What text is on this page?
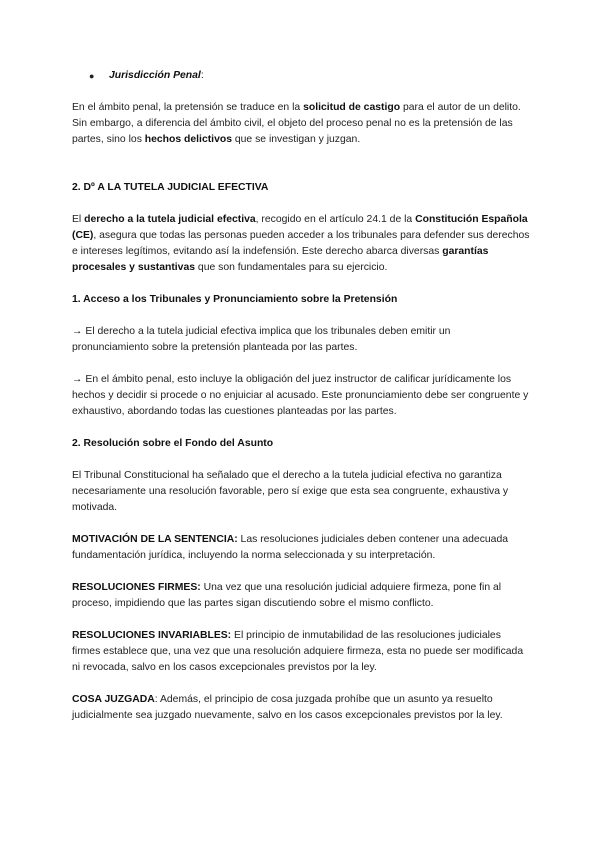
●	Jurisdicción Penal:

En el ámbito penal, la pretensión se traduce en la solicitud de castigo para el autor de un delito. Sin embargo, a diferencia del ámbito civil, el objeto del proceso penal no es la pretensión de las partes, sino los hechos delictivos que se investigan y juzgan.

2. Dº A LA TUTELA JUDICIAL EFECTIVA

El derecho a la tutela judicial efectiva, recogido en el artículo 24.1 de la Constitución Española (CE), asegura que todas las personas pueden acceder a los tribunales para defender sus derechos e intereses legítimos, evitando así la indefensión. Este derecho abarca diversas garantías procesales y sustantivas que son fundamentales para su ejercicio.

1. Acceso a los Tribunales y Pronunciamiento sobre la Pretensión

→ El derecho a la tutela judicial efectiva implica que los tribunales deben emitir un pronunciamiento sobre la pretensión planteada por las partes.

→ En el ámbito penal, esto incluye la obligación del juez instructor de calificar jurídicamente los hechos y decidir si procede o no enjuiciar al acusado. Este pronunciamiento debe ser congruente y exhaustivo, abordando todas las cuestiones planteadas por las partes.

2. Resolución sobre el Fondo del Asunto

El Tribunal Constitucional ha señalado que el derecho a la tutela judicial efectiva no garantiza necesariamente una resolución favorable, pero sí exige que esta sea congruente, exhaustiva y motivada.

MOTIVACIÓN DE LA SENTENCIA: Las resoluciones judiciales deben contener una adecuada fundamentación jurídica, incluyendo la norma seleccionada y su interpretación.

RESOLUCIONES FIRMES: Una vez que una resolución judicial adquiere firmeza, pone fin al proceso, impidiendo que las partes sigan discutiendo sobre el mismo conflicto.

RESOLUCIONES INVARIABLES: El principio de inmutabilidad de las resoluciones judiciales firmes establece que, una vez que una resolución adquiere firmeza, esta no puede ser modificada ni revocada, salvo en los casos excepcionales previstos por la ley.

COSA JUZGADA: Además, el principio de cosa juzgada prohíbe que un asunto ya resuelto judicialmente sea juzgado nuevamente, salvo en los casos excepcionales previstos por la ley.
